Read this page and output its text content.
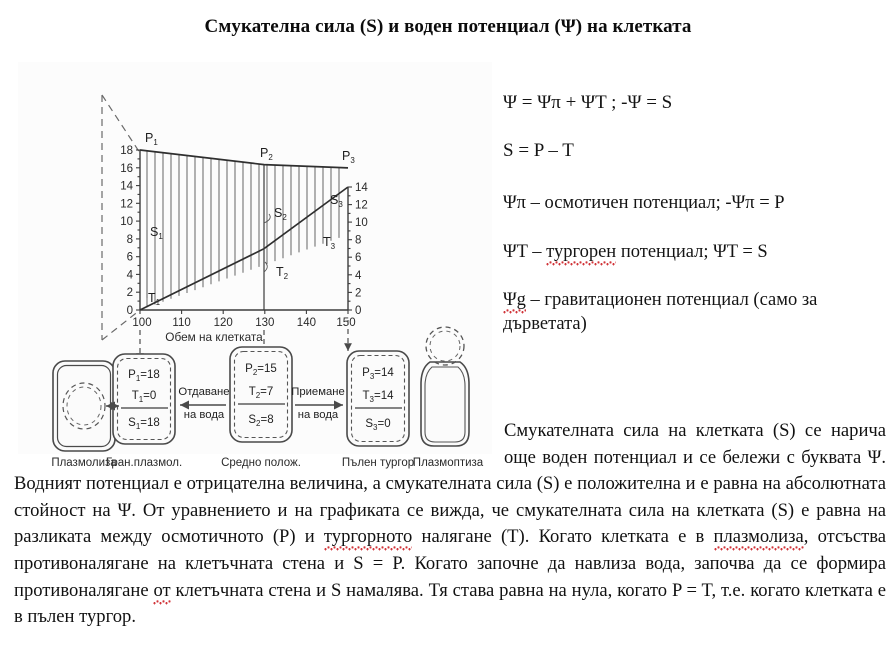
Смукателна сила (S) и воден потенциал (Ψ) на клетката
18
16
14
12
10
8
6
4
2
0
14
12
10
8
6
4
2
0
100 110 120 130 140 150
Обем на клетката
$P_1$
$P_2$	$P_3$
$S_1$
$S_2$
$S_3$
$T_1$
$T_2$
$T_3$
Плазмолиза
$P_1=18$
$T_1=0$
$S_1=18$
Гран.плазмол.
$P_2=15$
$T_2=7$
$S_2=8$
Средно полож.
Отдаване
на вода
Приемане
на вода
$P_3=14$
$T_3=14$
$S_3=0$
Пълен тургор
Плазмоптиза
Ψ = Ψπ + ΨT ; -Ψ = S
S = P – T
Ψπ – осмотичен потенциал; -Ψπ = P
ΨT – тургорен потенциал; ΨT = S
Ψg – гравитационен потенциал (само за дърветата)
Смукателната сила на клетката (S) се нарича още воден потенциал и се бележи с буквата Ψ. Водният потенциал е отрицателна величина, а смукателната сила (S) е положителна и е равна на абсолютната стойност на Ψ. От уравнението и на графиката се вижда, че смукателната сила на клетката (S) е равна на разликата между осмотичното (P) и тургорното налягане (T). Когато клетката е в плазмолиза, отсъства противоналягане на клетъчната стена и S = P. Когато започне да навлиза вода, започва да се формира противоналягане от клетъчната стена и S намалява. Тя става равна на нула, когато P = T, т.е. когато клетката е в пълен тургор.
